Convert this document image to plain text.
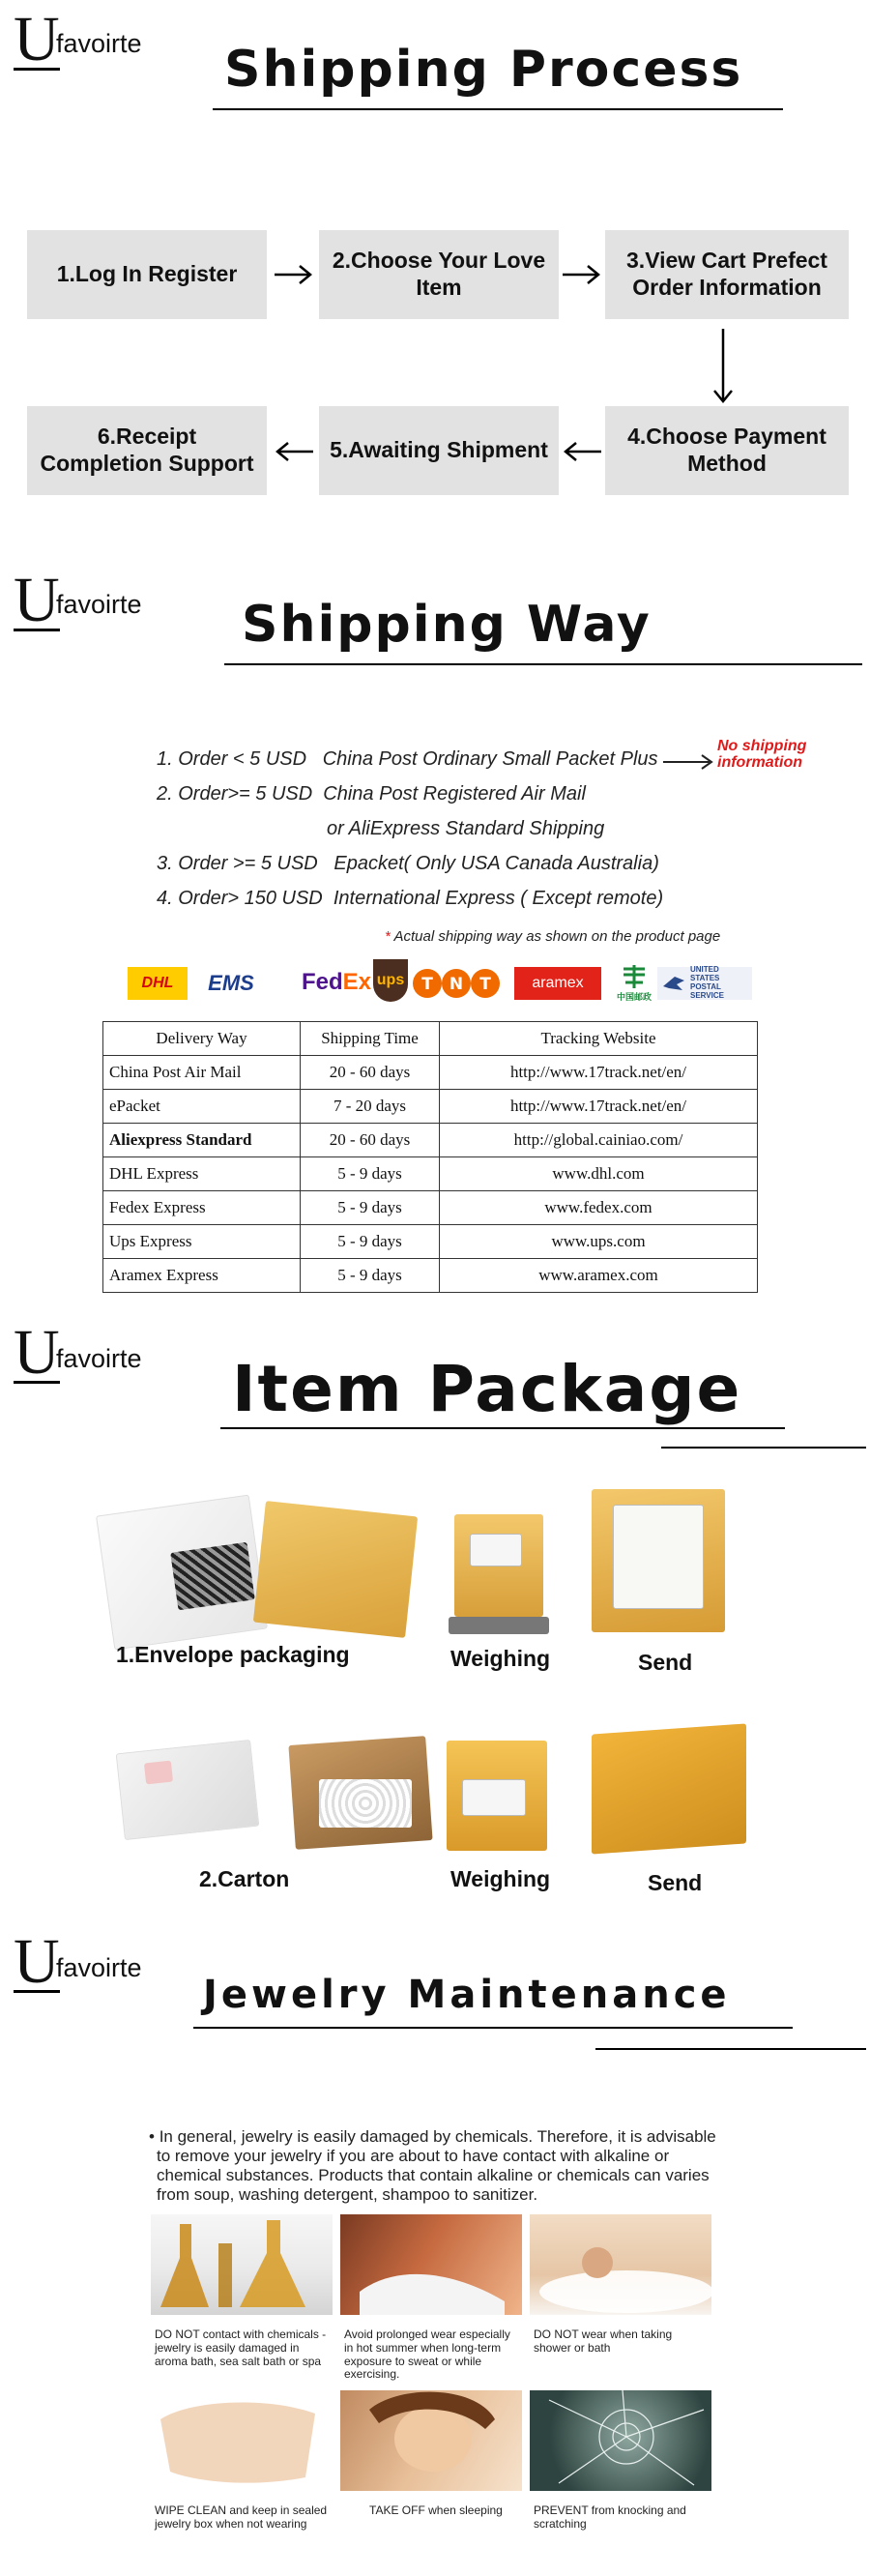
U
favoirte Shipping Process
1.Log In Register
2.Choose Your Love Item
3.View Cart Prefect Order Information
4.Choose Payment Method
5.Awaiting Shipment
6.Receipt Completion Support
U
favoirte Shipping Way
1. Order < 5 USD   China Post Ordinary Small Packet Plus
No shipping information
2. Order>= 5 USD  China Post Registered Air Mail
or AliExpress Standard Shipping
3. Order >= 5 USD   Epacket( Only USA Canada Australia)
4. Order> 150 USD  International Express ( Except remote)
* Actual shipping way as shown on the product page
DHL	EMS	Fed Ex ups T N T	aramex
中国邮政
UNITED STATES POSTAL SERVICE
Delivery Way	Shipping Time	Tracking Website
China Post Air Mail	20 - 60 days	http://www.17track.net/en/
ePacket	7 - 20 days	http://www.17track.net/en/
Aliexpress Standard	20 - 60 days	http://global.cainiao.com/
DHL Express	5 - 9 days	www.dhl.com
Fedex Express	5 - 9 days	www.fedex.com
Ups Express	5 - 9 days	www.ups.com
Aramex Express	5 - 9 days	www.aramex.com
U
favoirte Item Package
1.Envelope packaging	Weighing	Send
2.Carton	Weighing	Send
U
favoirte
Jewelry Maintenance
• In general, jewelry is easily damaged by chemicals. Therefore, it is advisable to remove your jewelry if you are about to have contact with alkaline or chemical substances. Products that contain alkaline or chemicals can varies from soup, washing detergent, shampoo to sanitizer.
DO NOT contact with chemicals - jewelry is easily damaged in aroma bath, sea salt bath or spa
Avoid prolonged wear especially in hot summer when long-term exposure to sweat or while exercising.
DO NOT wear when taking shower or bath
WIPE CLEAN and keep in sealed jewelry box when not wearing
TAKE OFF when sleeping	PREVENT from knocking and scratching
